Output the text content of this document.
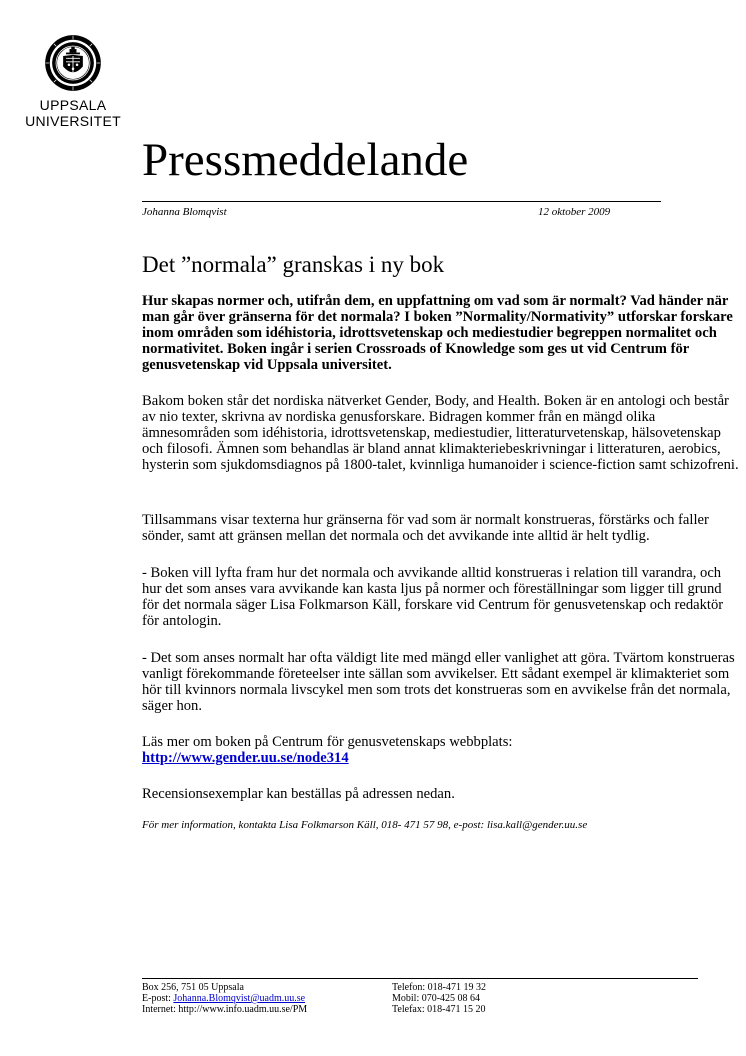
UPPSALA
UNIVERSITET
Pressmeddelande
Johanna Blomqvist	12 oktober 2009
Det ”normala” granskas i ny bok

Hur skapas normer och, utifrån dem, en uppfattning om vad som är normalt? Vad händer när man går över gränserna för det normala? I boken ”Normality/Normativity” utforskar forskare inom områden som idéhistoria, idrottsvetenskap och mediestudier begreppen normalitet och normativitet. Boken ingår i serien Crossroads of Knowledge som ges ut vid Centrum för genusvetenskap vid Uppsala universitet.

Bakom boken står det nordiska nätverket Gender, Body, and Health. Boken är en antologi och består av nio texter, skrivna av nordiska genusforskare. Bidragen kommer från en mängd olika ämnesområden som idéhistoria, idrottsvetenskap, mediestudier, litteraturvetenskap, hälsovetenskap och filosofi. Ämnen som behandlas är bland annat klimakteriebeskrivningar i litteraturen, aerobics, hysterin som sjukdomsdiagnos på 1800-talet, kvinnliga humanoider i science-fiction samt schizofreni.

Tillsammans visar texterna hur gränserna för vad som är normalt konstrueras, förstärks och faller sönder, samt att gränsen mellan det normala och det avvikande inte alltid är helt tydlig.

- Boken vill lyfta fram hur det normala och avvikande alltid konstrueras i relation till varandra, och hur det som anses vara avvikande kan kasta ljus på normer och föreställningar som ligger till grund för det normala säger Lisa Folkmarson Käll, forskare vid Centrum för genusvetenskap och redaktör för antologin.

- Det som anses normalt har ofta väldigt lite med mängd eller vanlighet att göra. Tvärtom konstrueras vanligt förekommande företeelser inte sällan som avvikelser. Ett sådant exempel är klimakteriet som hör till kvinnors normala livscykel men som trots det konstrueras som en avvikelse från det normala, säger hon.

Läs mer om boken på Centrum för genusvetenskaps webbplats:

http://www.gender.uu.se/node314

Recensionsexemplar kan beställas på adressen nedan.

För mer information, kontakta Lisa Folkmarson Käll, 018- 471 57 98, e-post: lisa.kall@gender.uu.se
Box 256, 751 05 Uppsala
E-post: Johanna.Blomqvist@uadm.uu.se
Internet: http://www.info.uadm.uu.se/PM
Telefon: 018-471 19 32
Mobil: 070-425 08 64
Telefax: 018-471 15 20
